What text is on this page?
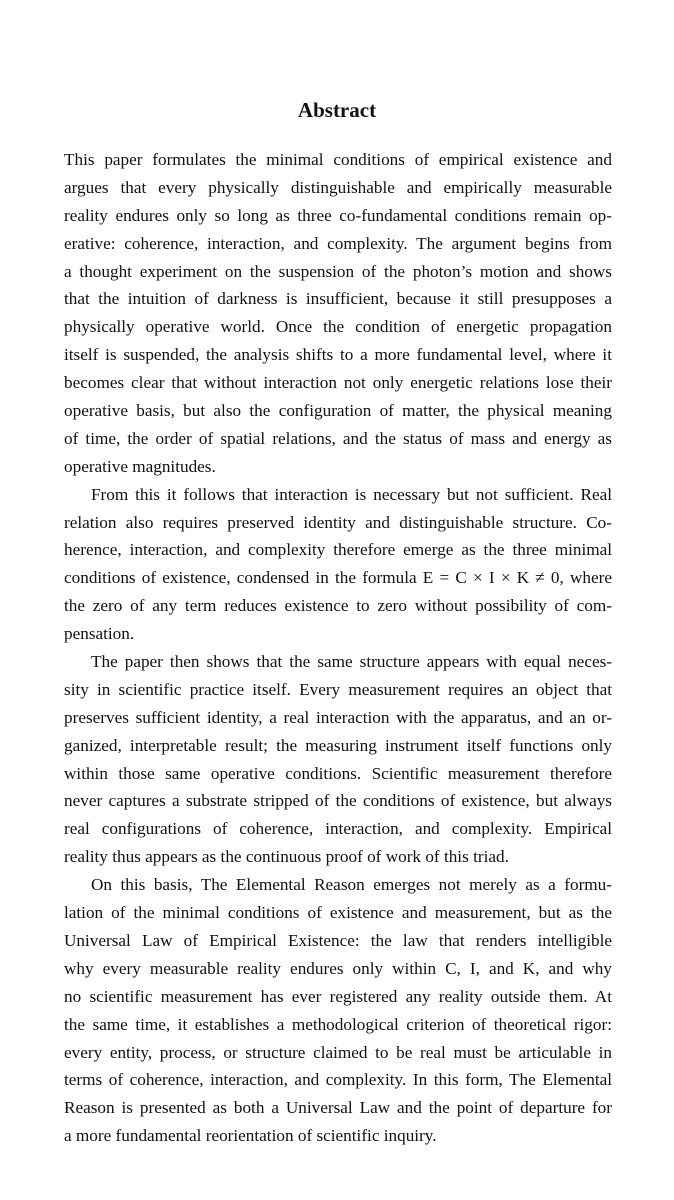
Abstract
This paper formulates the minimal conditions of empirical existence and
argues that every physically distinguishable and empirically measurable
reality endures only so long as three co-fundamental conditions remain op-
erative: coherence, interaction, and complexity. The argument begins from
a thought experiment on the suspension of the photon’s motion and shows
that the intuition of darkness is insufficient, because it still presupposes a
physically operative world. Once the condition of energetic propagation
itself is suspended, the analysis shifts to a more fundamental level, where it
becomes clear that without interaction not only energetic relations lose their
operative basis, but also the configuration of matter, the physical meaning
of time, the order of spatial relations, and the status of mass and energy as
operative magnitudes.
From this it follows that interaction is necessary but not sufficient. Real
relation also requires preserved identity and distinguishable structure. Co-
herence, interaction, and complexity therefore emerge as the three minimal
conditions of existence, condensed in the formula E = C × I × K ≠ 0, where
the zero of any term reduces existence to zero without possibility of com-
pensation.
The paper then shows that the same structure appears with equal neces-
sity in scientific practice itself. Every measurement requires an object that
preserves sufficient identity, a real interaction with the apparatus, and an or-
ganized, interpretable result; the measuring instrument itself functions only
within those same operative conditions. Scientific measurement therefore
never captures a substrate stripped of the conditions of existence, but always
real configurations of coherence, interaction, and complexity. Empirical
reality thus appears as the continuous proof of work of this triad.
On this basis, The Elemental Reason emerges not merely as a formu-
lation of the minimal conditions of existence and measurement, but as the
Universal Law of Empirical Existence: the law that renders intelligible
why every measurable reality endures only within C, I, and K, and why
no scientific measurement has ever registered any reality outside them. At
the same time, it establishes a methodological criterion of theoretical rigor:
every entity, process, or structure claimed to be real must be articulable in
terms of coherence, interaction, and complexity. In this form, The Elemental
Reason is presented as both a Universal Law and the point of departure for
a more fundamental reorientation of scientific inquiry.
